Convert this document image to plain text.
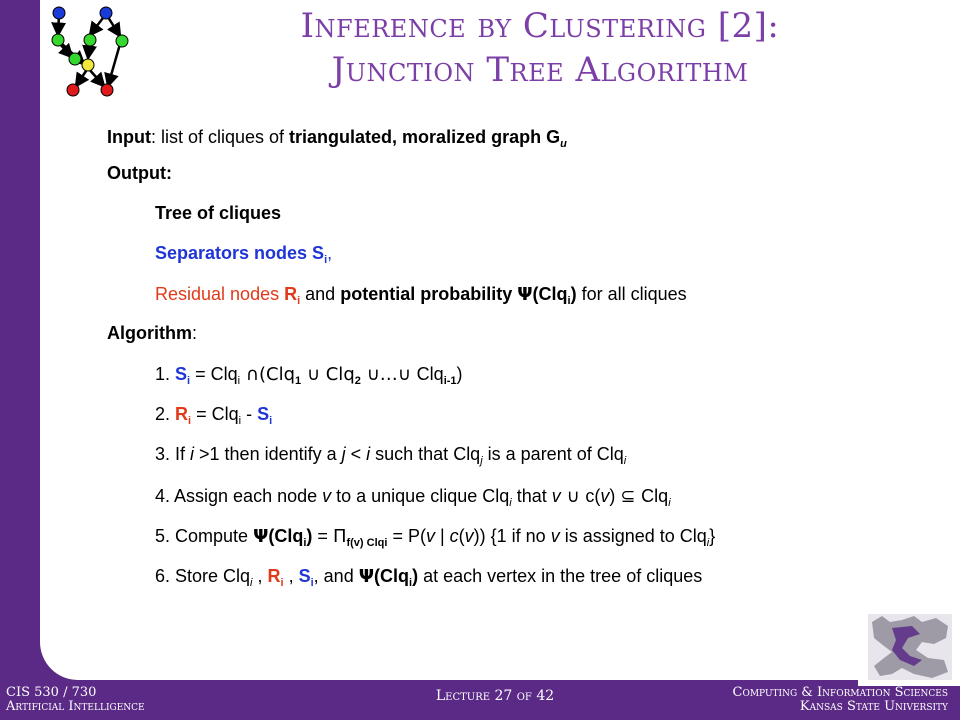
Inference by Clustering [2]:
Junction Tree Algorithm
Input: list of cliques of triangulated, moralized graph $G_u$
Output:
Tree of cliques
Separators nodes $S_i$,
Residual nodes $R_i$ and potential probability Ψ(Clq$_i$) for all cliques
Algorithm:
1. $S_i = Clq_i$ ∩(Clq$_1$ ∪ Clq$_2$ ∪…∪ Clq$_{i-1}$)
2. $R_i = Clq_i - S_i$
3. If i >1 then identify a j < i such that Clq$_j$ is a parent of Clq$_i$
4. Assign each node v to a unique clique Clq$_i$ that v ∪ c(v) ⊆ Clq$_i$
5. Compute $\Psi(Clq_i) = \Pi_{f(v) Clqi} = P(v$ | c(v)) {1 if no v is assigned to Clq$_i$}
6. Store Clq$_i$ , $R_i$ , $S_i$, and Ψ(Clq$_i$) at each vertex in the tree of cliques
CIS 530 / 730
Artificial Intelligence
Lecture 27 of 42	Computing & Information Sciences
Kansas State University
